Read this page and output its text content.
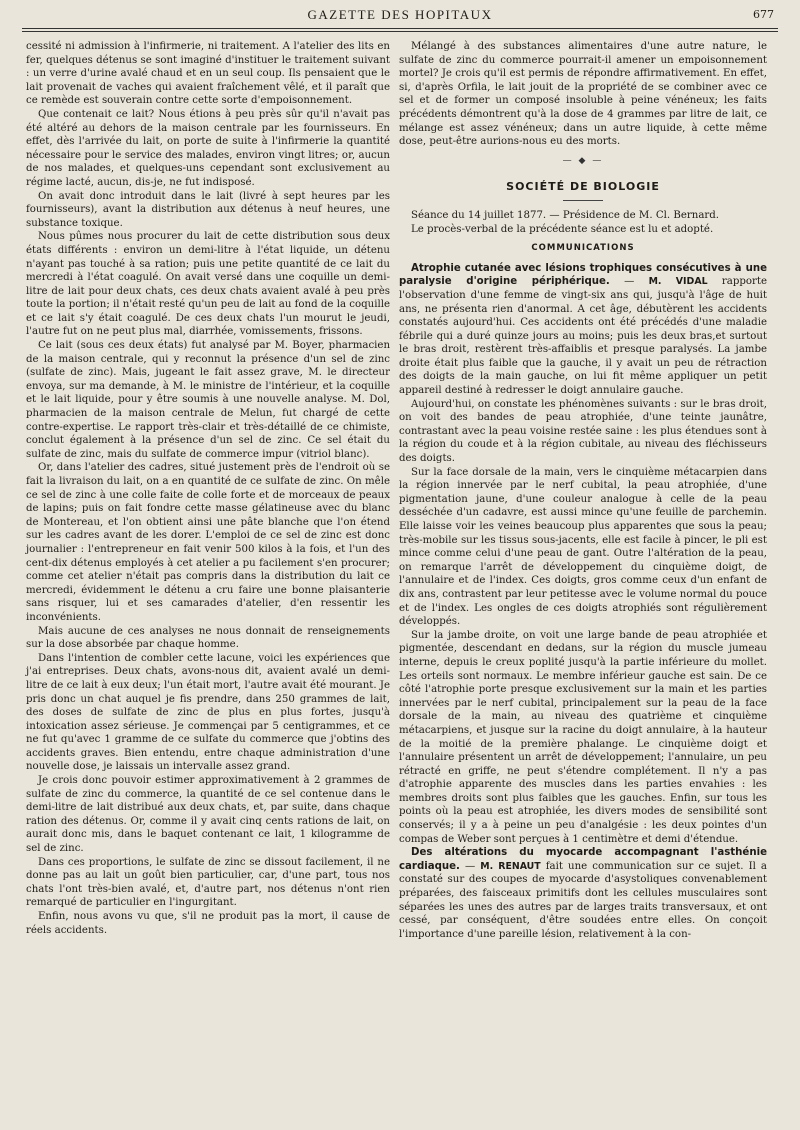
GAZETTE DES HOPITAUX	677

cessité ni admission à l'infirmerie, ni traitement. A l'atelier des lits en fer, quelques détenus se sont imaginé d'instituer le traitement suivant : un verre d'urine avalé chaud et en un seul coup. Ils pensaient que le lait provenait de vaches qui avaient fraîchement vêlé, et il paraît que ce remède est souverain contre cette sorte d'empoisonnement.

Que contenait ce lait? Nous étions à peu près sûr qu'il n'avait pas été altéré au dehors de la maison centrale par les fournisseurs. En effet, dès l'arrivée du lait, on porte de suite à l'infirmerie la quantité nécessaire pour le service des malades, environ vingt litres; or, aucun de nos malades, et quelques-uns cependant sont exclusivement au régime lacté, aucun, dis-je, ne fut indisposé.

On avait donc introduit dans le lait (livré à sept heures par les fournisseurs), avant la distribution aux détenus à neuf heures, une substance toxique.

Nous pûmes nous procurer du lait de cette distribution sous deux états différents : environ un demi-litre à l'état liquide, un détenu n'ayant pas touché à sa ration; puis une petite quantité de ce lait du mercredi à l'état coagulé. On avait versé dans une coquille un demi-litre de lait pour deux chats, ces deux chats avaient avalé à peu près toute la portion; il n'était resté qu'un peu de lait au fond de la coquille et ce lait s'y était coagulé. De ces deux chats l'un mourut le jeudi, l'autre fut on ne peut plus mal, diarrhée, vomissements, frissons.

Ce lait (sous ces deux états) fut analysé par M. Boyer, pharmacien de la maison centrale, qui y reconnut la présence d'un sel de zinc (sulfate de zinc). Mais, jugeant le fait assez grave, M. le directeur envoya, sur ma demande, à M. le ministre de l'intérieur, et la coquille et le lait liquide, pour y être soumis à une nouvelle analyse. M. Dol, pharmacien de la maison centrale de Melun, fut chargé de cette contre-expertise. Le rapport très-clair et très-détaillé de ce chimiste, conclut également à la présence d'un sel de zinc. Ce sel était du sulfate de zinc, mais du sulfate de commerce impur (vitriol blanc).

Or, dans l'atelier des cadres, situé justement près de l'endroit où se fait la livraison du lait, on a en quantité de ce sulfate de zinc. On mêle ce sel de zinc à une colle faite de colle forte et de morceaux de peaux de lapins; puis on fait fondre cette masse gélatineuse avec du blanc de Montereau, et l'on obtient ainsi une pâte blanche que l'on étend sur les cadres avant de les dorer. L'emploi de ce sel de zinc est donc journalier : l'entrepreneur en fait venir 500 kilos à la fois, et l'un des cent-dix détenus employés à cet atelier a pu facilement s'en procurer; comme cet atelier n'était pas compris dans la distribution du lait ce mercredi, évidemment le détenu a cru faire une bonne plaisanterie sans risquer, lui et ses camarades d'atelier, d'en ressentir les inconvénients.

Mais aucune de ces analyses ne nous donnait de renseignements sur la dose absorbée par chaque homme.

Dans l'intention de combler cette lacune, voici les expériences que j'ai entreprises. Deux chats, avons-nous dit, avaient avalé un demi-litre de ce lait à eux deux; l'un était mort, l'autre avait été mourant. Je pris donc un chat auquel je fis prendre, dans 250 grammes de lait, des doses de sulfate de zinc de plus en plus fortes, jusqu'à intoxication assez sérieuse. Je commençai par 5 centigrammes, et ce ne fut qu'avec 1 gramme de ce sulfate du commerce que j'obtins des accidents graves. Bien entendu, entre chaque administration d'une nouvelle dose, je laissais un intervalle assez grand.

Je crois donc pouvoir estimer approximativement à 2 grammes de sulfate de zinc du commerce, la quantité de ce sel contenue dans le demi-litre de lait distribué aux deux chats, et, par suite, dans chaque ration des détenus. Or, comme il y avait cinq cents rations de lait, on aurait donc mis, dans le baquet contenant ce lait, 1 kilogramme de sel de zinc.

Dans ces proportions, le sulfate de zinc se dissout facilement, il ne donne pas au lait un goût bien particulier, car, d'une part, tous nos chats l'ont très-bien avalé, et, d'autre part, nos détenus n'ont rien remarqué de particulier en l'ingurgitant.

Enfin, nous avons vu que, s'il ne produit pas la mort, il cause de réels accidents.

Mélangé à des substances alimentaires d'une autre nature, le sulfate de zinc du commerce pourrait-il amener un empoisonnement mortel? Je crois qu'il est permis de répondre affirmativement. En effet, si, d'après Orfila, le lait jouit de la propriété de se combiner avec ce sel et de former un composé insoluble à peine vénéneux; les faits précédents démontrent qu'à la dose de 4 grammes par litre de lait, ce mélange est assez vénéneux; dans un autre liquide, à cette même dose, peut-être aurions-nous eu des morts.

— ◆ —
SOCIÉTÉ DE BIOLOGIE

Séance du 14 juillet 1877. — Présidence de M. Cl. Bernard.

Le procès-verbal de la précédente séance est lu et adopté.

COMMUNICATIONS

Atrophie cutanée avec lésions trophiques consécutives à une paralysie d'origine périphérique. — M. VIDAL rapporte l'observation d'une femme de vingt-six ans qui, jusqu'à l'âge de huit ans, ne présenta rien d'anormal. A cet âge, débutèrent les accidents constatés aujourd'hui. Ces accidents ont été précédés d'une maladie fébrile qui a duré quinze jours au moins; puis les deux bras,et surtout le bras droit, restèrent très-affaiblis et presque paralysés. La jambe droite était plus faible que la gauche, il y avait un peu de rétraction des doigts de la main gauche, on lui fit même appliquer un petit appareil destiné à redresser le doigt annulaire gauche.

Aujourd'hui, on constate les phénomènes suivants : sur le bras droit, on voit des bandes de peau atrophiée, d'une teinte jaunâtre, contrastant avec la peau voisine restée saine : les plus étendues sont à la région du coude et à la région cubitale, au niveau des fléchisseurs des doigts.

Sur la face dorsale de la main, vers le cinquième métacarpien dans la région innervée par le nerf cubital, la peau atrophiée, d'une pigmentation jaune, d'une couleur analogue à celle de la peau desséchée d'un cadavre, est aussi mince qu'une feuille de parchemin. Elle laisse voir les veines beaucoup plus apparentes que sous la peau; très-mobile sur les tissus sous-jacents, elle est facile à pincer, le pli est mince comme celui d'une peau de gant. Outre l'altération de la peau, on remarque l'arrêt de développement du cinquième doigt, de l'annulaire et de l'index. Ces doigts, gros comme ceux d'un enfant de dix ans, contrastent par leur petitesse avec le volume normal du pouce et de l'index. Les ongles de ces doigts atrophiés sont régulièrement développés.

Sur la jambe droite, on voit une large bande de peau atrophiée et pigmentée, descendant en dedans, sur la région du muscle jumeau interne, depuis le creux poplité jusqu'à la partie inférieure du mollet. Les orteils sont normaux. Le membre inférieur gauche est sain. De ce côté l'atrophie porte presque exclusivement sur la main et les parties innervées par le nerf cubital, principalement sur la peau de la face dorsale de la main, au niveau des quatrième et cinquième métacarpiens, et jusque sur la racine du doigt annulaire, à la hauteur de la moitié de la première phalange. Le cinquième doigt et l'annulaire présentent un arrêt de développement; l'annulaire, un peu rétracté en griffe, ne peut s'étendre complétement. Il n'y a pas d'atrophie apparente des muscles dans les parties envahies : les membres droits sont plus faibles que les gauches. Enfin, sur tous les points où la peau est atrophiée, les divers modes de sensibilité sont conservés; il y a à peine un peu d'analgésie : les deux pointes d'un compas de Weber sont perçues à 1 centimètre et demi d'étendue.

Des altérations du myocarde accompagnant l'asthénie cardiaque. — M. RENAUT fait une communication sur ce sujet. Il a constaté sur des coupes de myocarde d'asystoliques convenablement préparées, des faisceaux primitifs dont les cellules musculaires sont séparées les unes des autres par de larges traits transversaux, et ont cessé, par conséquent, d'être soudées entre elles. On conçoit l'importance d'une pareille lésion, relativement à la con-
